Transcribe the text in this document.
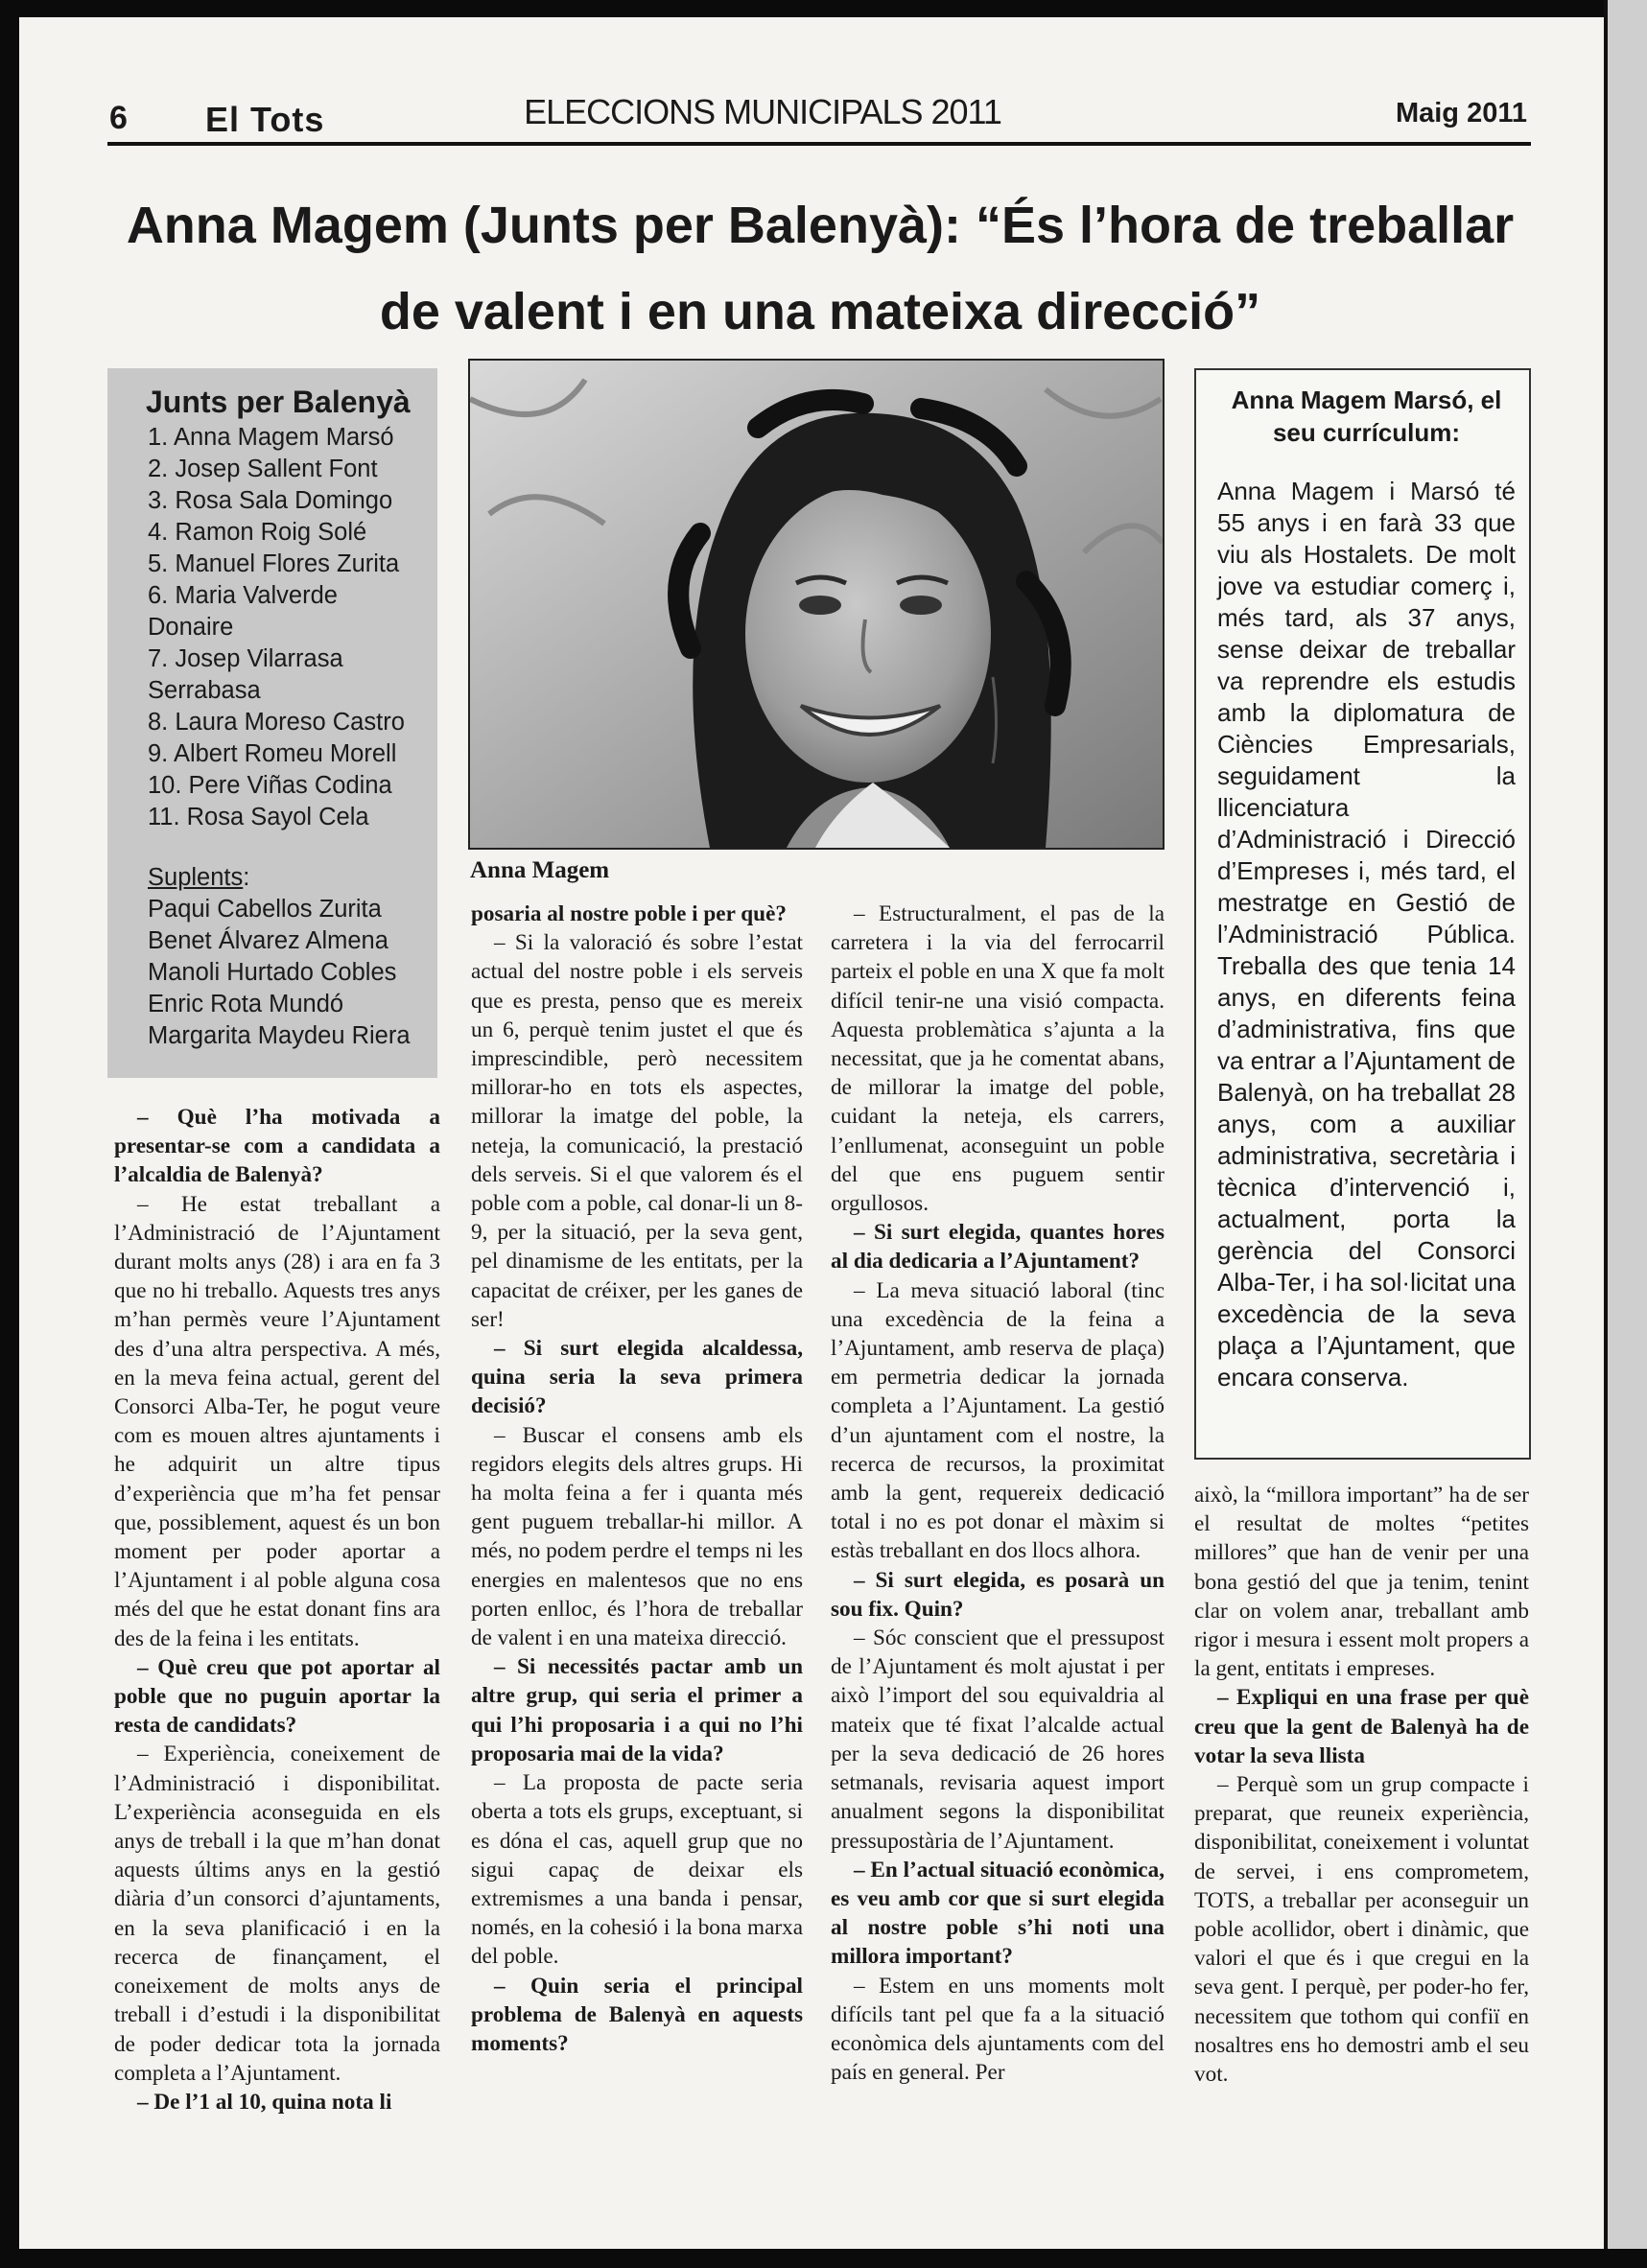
6 El Tots	ELECCIONS MUNICIPALS 2011	Maig 2011
Anna Magem (Junts per Balenyà): “És l’hora de treballar de valent i en una mateixa direcció”
Junts per Balenyà
1. Anna Magem Marsó
2. Josep Sallent Font
3. Rosa Sala Domingo
4. Ramon Roig Solé
5. Manuel Flores Zurita
6. Maria Valverde Donaire
7. Josep Vilarrasa Serrabasa
8. Laura Moreso Castro
9. Albert Romeu Morell
10. Pere Viñas Codina
11. Rosa Sayol Cela
Suplents:
Paqui Cabellos Zurita
Benet Álvarez Almena
Manoli Hurtado Cobles
Enric Rota Mundó
Margarita Maydeu Riera
Anna Magem
Anna Magem Marsó, el seu currículum:

Anna Magem i Marsó té 55 anys i en farà 33 que viu als Hostalets. De molt jove va estudiar comerç i, més tard, als 37 anys, sense deixar de treballar va reprendre els estudis amb la diplomatura de Ciències Empresarials, seguidament la llicenciatura d’Administració i Direcció d’Empreses i, més tard, el mestratge en Gestió de l’Administració Pública. Treballa des que tenia 14 anys, en diferents feina d’administrativa, fins que va entrar a l’Ajuntament de Balenyà, on ha treballat 28 anys, com a auxiliar administrativa, secretària i tècnica d’intervenció i, actualment, porta la gerència del Consorci Alba-Ter, i ha sol·licitat una excedència de la seva plaça a l’Ajuntament, que encara conserva.

– Què l’ha motivada a presentar-se com a candidata a l’alcaldia de Balenyà?

– He estat treballant a l’Administració de l’Ajuntament durant molts anys (28) i ara en fa 3 que no hi treballo. Aquests tres anys m’han permès veure l’Ajuntament des d’una altra perspectiva. A més, en la meva feina actual, gerent del Consorci Alba-Ter, he pogut veure com es mouen altres ajuntaments i he adquirit un altre tipus d’experiència que m’ha fet pensar que, possiblement, aquest és un bon moment per poder aportar a l’Ajuntament i al poble alguna cosa més del que he estat donant fins ara des de la feina i les entitats.

– Què creu que pot aportar al poble que no puguin aportar la resta de candidats?

– Experiència, coneixement de l’Administració i disponibilitat. L’experiència aconseguida en els anys de treball i la que m’han donat aquests últims anys en la gestió diària d’un consorci d’ajuntaments, en la seva planificació i en la recerca de finançament, el coneixement de molts anys de treball i d’estudi i la disponibilitat de poder dedicar tota la jornada completa a l’Ajuntament.

– De l’1 al 10, quina nota li

posaria al nostre poble i per què?

– Si la valoració és sobre l’estat actual del nostre poble i els serveis que es presta, penso que es mereix un 6, perquè tenim justet el que és imprescindible, però necessitem millorar-ho en tots els aspectes, millorar la imatge del poble, la neteja, la comunicació, la prestació dels serveis. Si el que valorem és el poble com a poble, cal donar-li un 8-9, per la situació, per la seva gent, pel dinamisme de les entitats, per la capacitat de créixer, per les ganes de ser!

– Si surt elegida alcaldessa, quina seria la seva primera decisió?

– Buscar el consens amb els regidors elegits dels altres grups. Hi ha molta feina a fer i quanta més gent puguem treballar-hi millor. A més, no podem perdre el temps ni les energies en malentesos que no ens porten enlloc, és l’hora de treballar de valent i en una mateixa direcció.

– Si necessités pactar amb un altre grup, qui seria el primer a qui l’hi proposaria i a qui no l’hi proposaria mai de la vida?

– La proposta de pacte seria oberta a tots els grups, exceptuant, si es dóna el cas, aquell grup que no sigui capaç de deixar els extremismes a una banda i pensar, només, en la cohesió i la bona marxa del poble.

– Quin seria el principal problema de Balenyà en aquests moments?

– Estructuralment, el pas de la carretera i la via del ferrocarril parteix el poble en una X que fa molt difícil tenir-ne una visió compacta. Aquesta problemàtica s’ajunta a la necessitat, que ja he comentat abans, de millorar la imatge del poble, cuidant la neteja, els carrers, l’enllumenat, aconseguint un poble del que ens puguem sentir orgullosos.

– Si surt elegida, quantes hores al dia dedicaria a l’Ajuntament?

– La meva situació laboral (tinc una excedència de la feina a l’Ajuntament, amb reserva de plaça) em permetria dedicar la jornada completa a l’Ajuntament. La gestió d’un ajuntament com el nostre, la recerca de recursos, la proximitat amb la gent, requereix dedicació total i no es pot donar el màxim si estàs treballant en dos llocs alhora.

– Si surt elegida, es posarà un sou fix. Quin?

– Sóc conscient que el pressupost de l’Ajuntament és molt ajustat i per això l’import del sou equivaldria al mateix que té fixat l’alcalde actual per la seva dedicació de 26 hores setmanals, revisaria aquest import anualment segons la disponibilitat pressupostària de l’Ajuntament.

– En l’actual situació econòmica, es veu amb cor que si surt elegida al nostre poble s’hi noti una millora important?

– Estem en uns moments molt difícils tant pel que fa a la situació econòmica dels ajuntaments com del país en general. Per

això, la “millora important” ha de ser el resultat de moltes “petites millores” que han de venir per una bona gestió del que ja tenim, tenint clar on volem anar, treballant amb rigor i mesura i essent molt propers a la gent, entitats i empreses.

– Expliqui en una frase per què creu que la gent de Balenyà ha de votar la seva llista

– Perquè som un grup compacte i preparat, que reuneix experiència, disponibilitat, coneixement i voluntat de servei, i ens comprometem, TOTS, a treballar per aconseguir un poble acollidor, obert i dinàmic, que valori el que és i que cregui en la seva gent. I perquè, per poder-ho fer, necessitem que tothom qui confiï en nosaltres ens ho demostri amb el seu vot.
